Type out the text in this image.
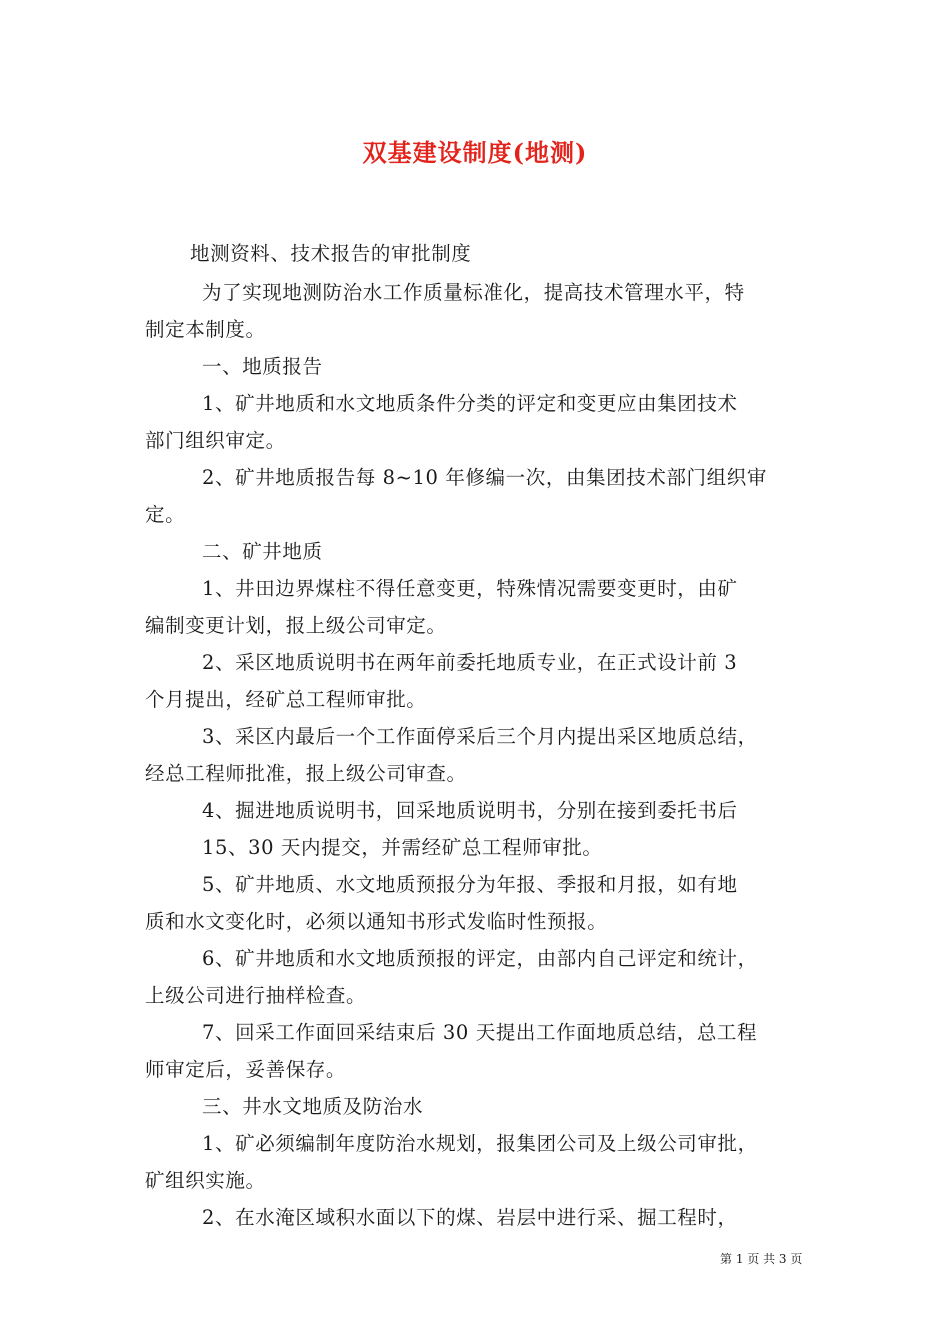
双基建设制度(地测)
地测资料、技术报告的审批制度
为了实现地测防治水工作质量标准化，提高技术管理水平，特
制定本制度。
一、地质报告
1、矿井地质和水文地质条件分类的评定和变更应由集团技术
部门组织审定。
2、矿井地质报告每 8~10 年修编一次，由集团技术部门组织审
定。
二、矿井地质
1、井田边界煤柱不得任意变更，特殊情况需要变更时，由矿
编制变更计划，报上级公司审定。
2、采区地质说明书在两年前委托地质专业，在正式设计前 3
个月提出，经矿总工程师审批。
3、采区内最后一个工作面停采后三个月内提出采区地质总结，
经总工程师批准，报上级公司审查。
4、掘进地质说明书，回采地质说明书，分别在接到委托书后
15、30 天内提交，并需经矿总工程师审批。
5、矿井地质、水文地质预报分为年报、季报和月报，如有地
质和水文变化时，必须以通知书形式发临时性预报。
6、矿井地质和水文地质预报的评定，由部内自己评定和统计，
上级公司进行抽样检查。
7、回采工作面回采结束后 30 天提出工作面地质总结，总工程
师审定后，妥善保存。
三、井水文地质及防治水
1、矿必须编制年度防治水规划，报集团公司及上级公司审批，
矿组织实施。
2、在水淹区域积水面以下的煤、岩层中进行采、掘工程时，
第 1 页 共 3 页
